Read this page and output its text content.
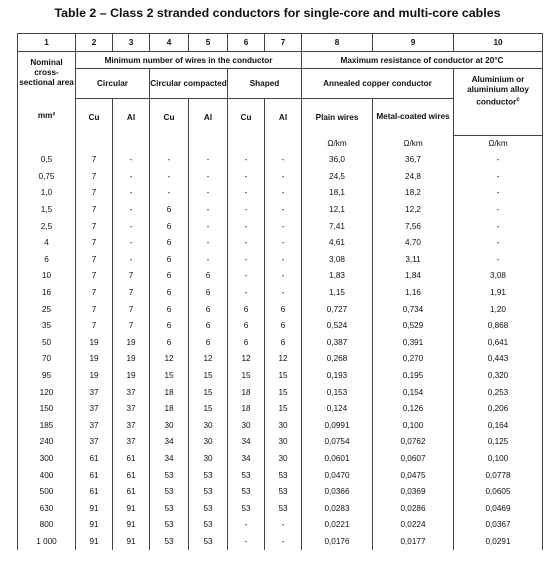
Table 2 – Class 2 stranded conductors for single-core and multi-core cables
1	2	3	4	5	6	7	8	9	10
Nominal cross-sectional area
mm²	Minimum number of wires in the conductor						Maximum resistance of conductor at 20°C		
	Circular		Circular compacted		Shaped		Annealed copper conductor		Aluminium or aluminium alloy conductor$^c$
	Cu	Al	Cu	Al	Cu	Al	Plain wires	Metal-coated wires	
							Ω/km	Ω/km	Ω/km
0,5	7	-	-	-	-	-	36,0	36,7	-
0,75	7	-	-	-	-	-	24,5	24,8	-
1,0	7	-	-	-	-	-	18,1	18,2	-
1,5	7	-	6	-	-	-	12,1	12,2	-
2,5	7	-	6	-	-	-	7,41	7,56	-
4	7	-	6	-	-	-	4,61	4,70	-
6	7	-	6	-	-	-	3,08	3,11	-
10	7	7	6	6	-	-	1,83	1,84	3,08
16	7	7	6	6	-	-	1,15	1,16	1,91
25	7	7	6	6	6	6	0,727	0,734	1,20
35	7	7	6	6	6	6	0,524	0,529	0,868
50	19	19	6	6	6	6	0,387	0,391	0,641
70	19	19	12	12	12	12	0,268	0,270	0,443
95	19	19	15	15	15	15	0,193	0,195	0,320
120	37	37	18	15	18	15	0,153	0,154	0,253
150	37	37	18	15	18	15	0,124	0,126	0,206
185	37	37	30	30	30	30	0,0991	0,100	0,164
240	37	37	34	30	34	30	0,0754	0,0762	0,125
300	61	61	34	30	34	30	0,0601	0,0607	0,100
400	61	61	53	53	53	53	0,0470	0,0475	0,0778
500	61	61	53	53	53	53	0,0366	0,0369	0,0605
630	91	91	53	53	53	53	0,0283	0,0286	0,0469
800	91	91	53	53	-	-	0,0221	0,0224	0,0367
1 000	91	91	53	53	-	-	0,0176	0,0177	0,0291
